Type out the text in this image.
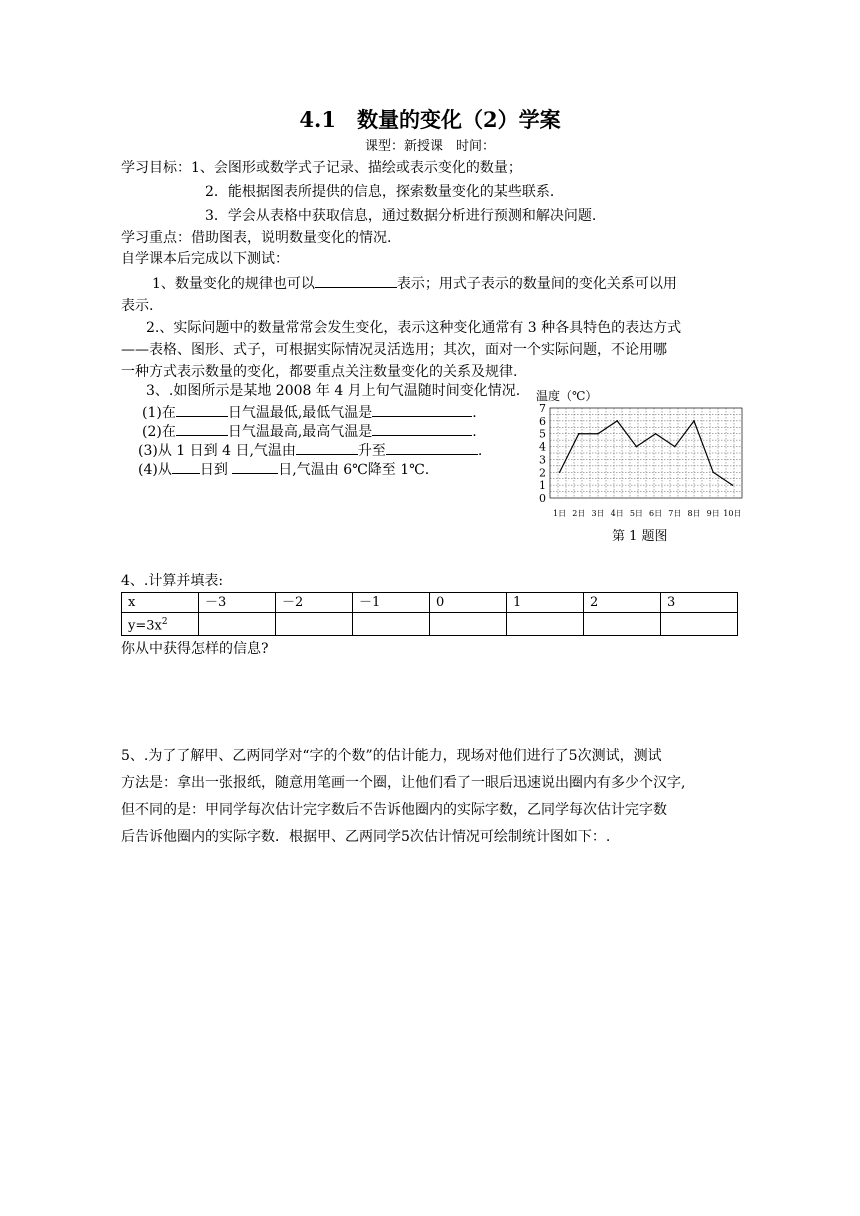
4.1　数量的变化（2）学案
课型：新授课　时间：
学习目标：1、会图形或数学式子记录、描绘或表示变化的数量；
2．能根据图表所提供的信息，探索数量变化的某些联系．
3．学会从表格中获取信息，通过数据分析进行预测和解决问题.
学习重点：借助图表，说明数量变化的情况.
自学课本后完成以下测试：
1、数量变化的规律也可以	表示；用式子表示的数量间的变化关系可以用
表示.
2.、实际问题中的数量常常会发生变化，表示这种变化通常有 3 种各具特色的表达方式
——表格、图形、式子，可根据实际情况灵活选用；其次，面对一个实际问题，不论用哪
一种方式表示数量的变化，都要重点关注数量变化的关系及规律.
3、.如图所示是某地 2008 年 4 月上旬气温随时间变化情况.
(1)在	日气温最低,最低气温是	.
(2)在	日气温最高,最高气温是	.
(3)从 1 日到 4 日,气温由	升至	.
(4)从 日到	日,气温由 6℃降至 1℃.
温度（℃）
0
1
2
3
4
5
6
7
1日 2日 3日 4日 5日 6日 7日 8日 9日 10日
第 1 题图
4、.计算并填表:
x	－3	－2	－1	0	1	2	3
$y=3x^2$							
你从中获得怎样的信息?
5、.为了了解甲、乙两同学对“字的个数”的估计能力，现场对他们进行了5次测试，测试
方法是：拿出一张报纸，随意用笔画一个圈，让他们看了一眼后迅速说出圈内有多少个汉字,
但不同的是：甲同学每次估计完字数后不告诉他圈内的实际字数，乙同学每次估计完字数
后告诉他圈内的实际字数．根据甲、乙两同学5次估计情况可绘制统计图如下：.
